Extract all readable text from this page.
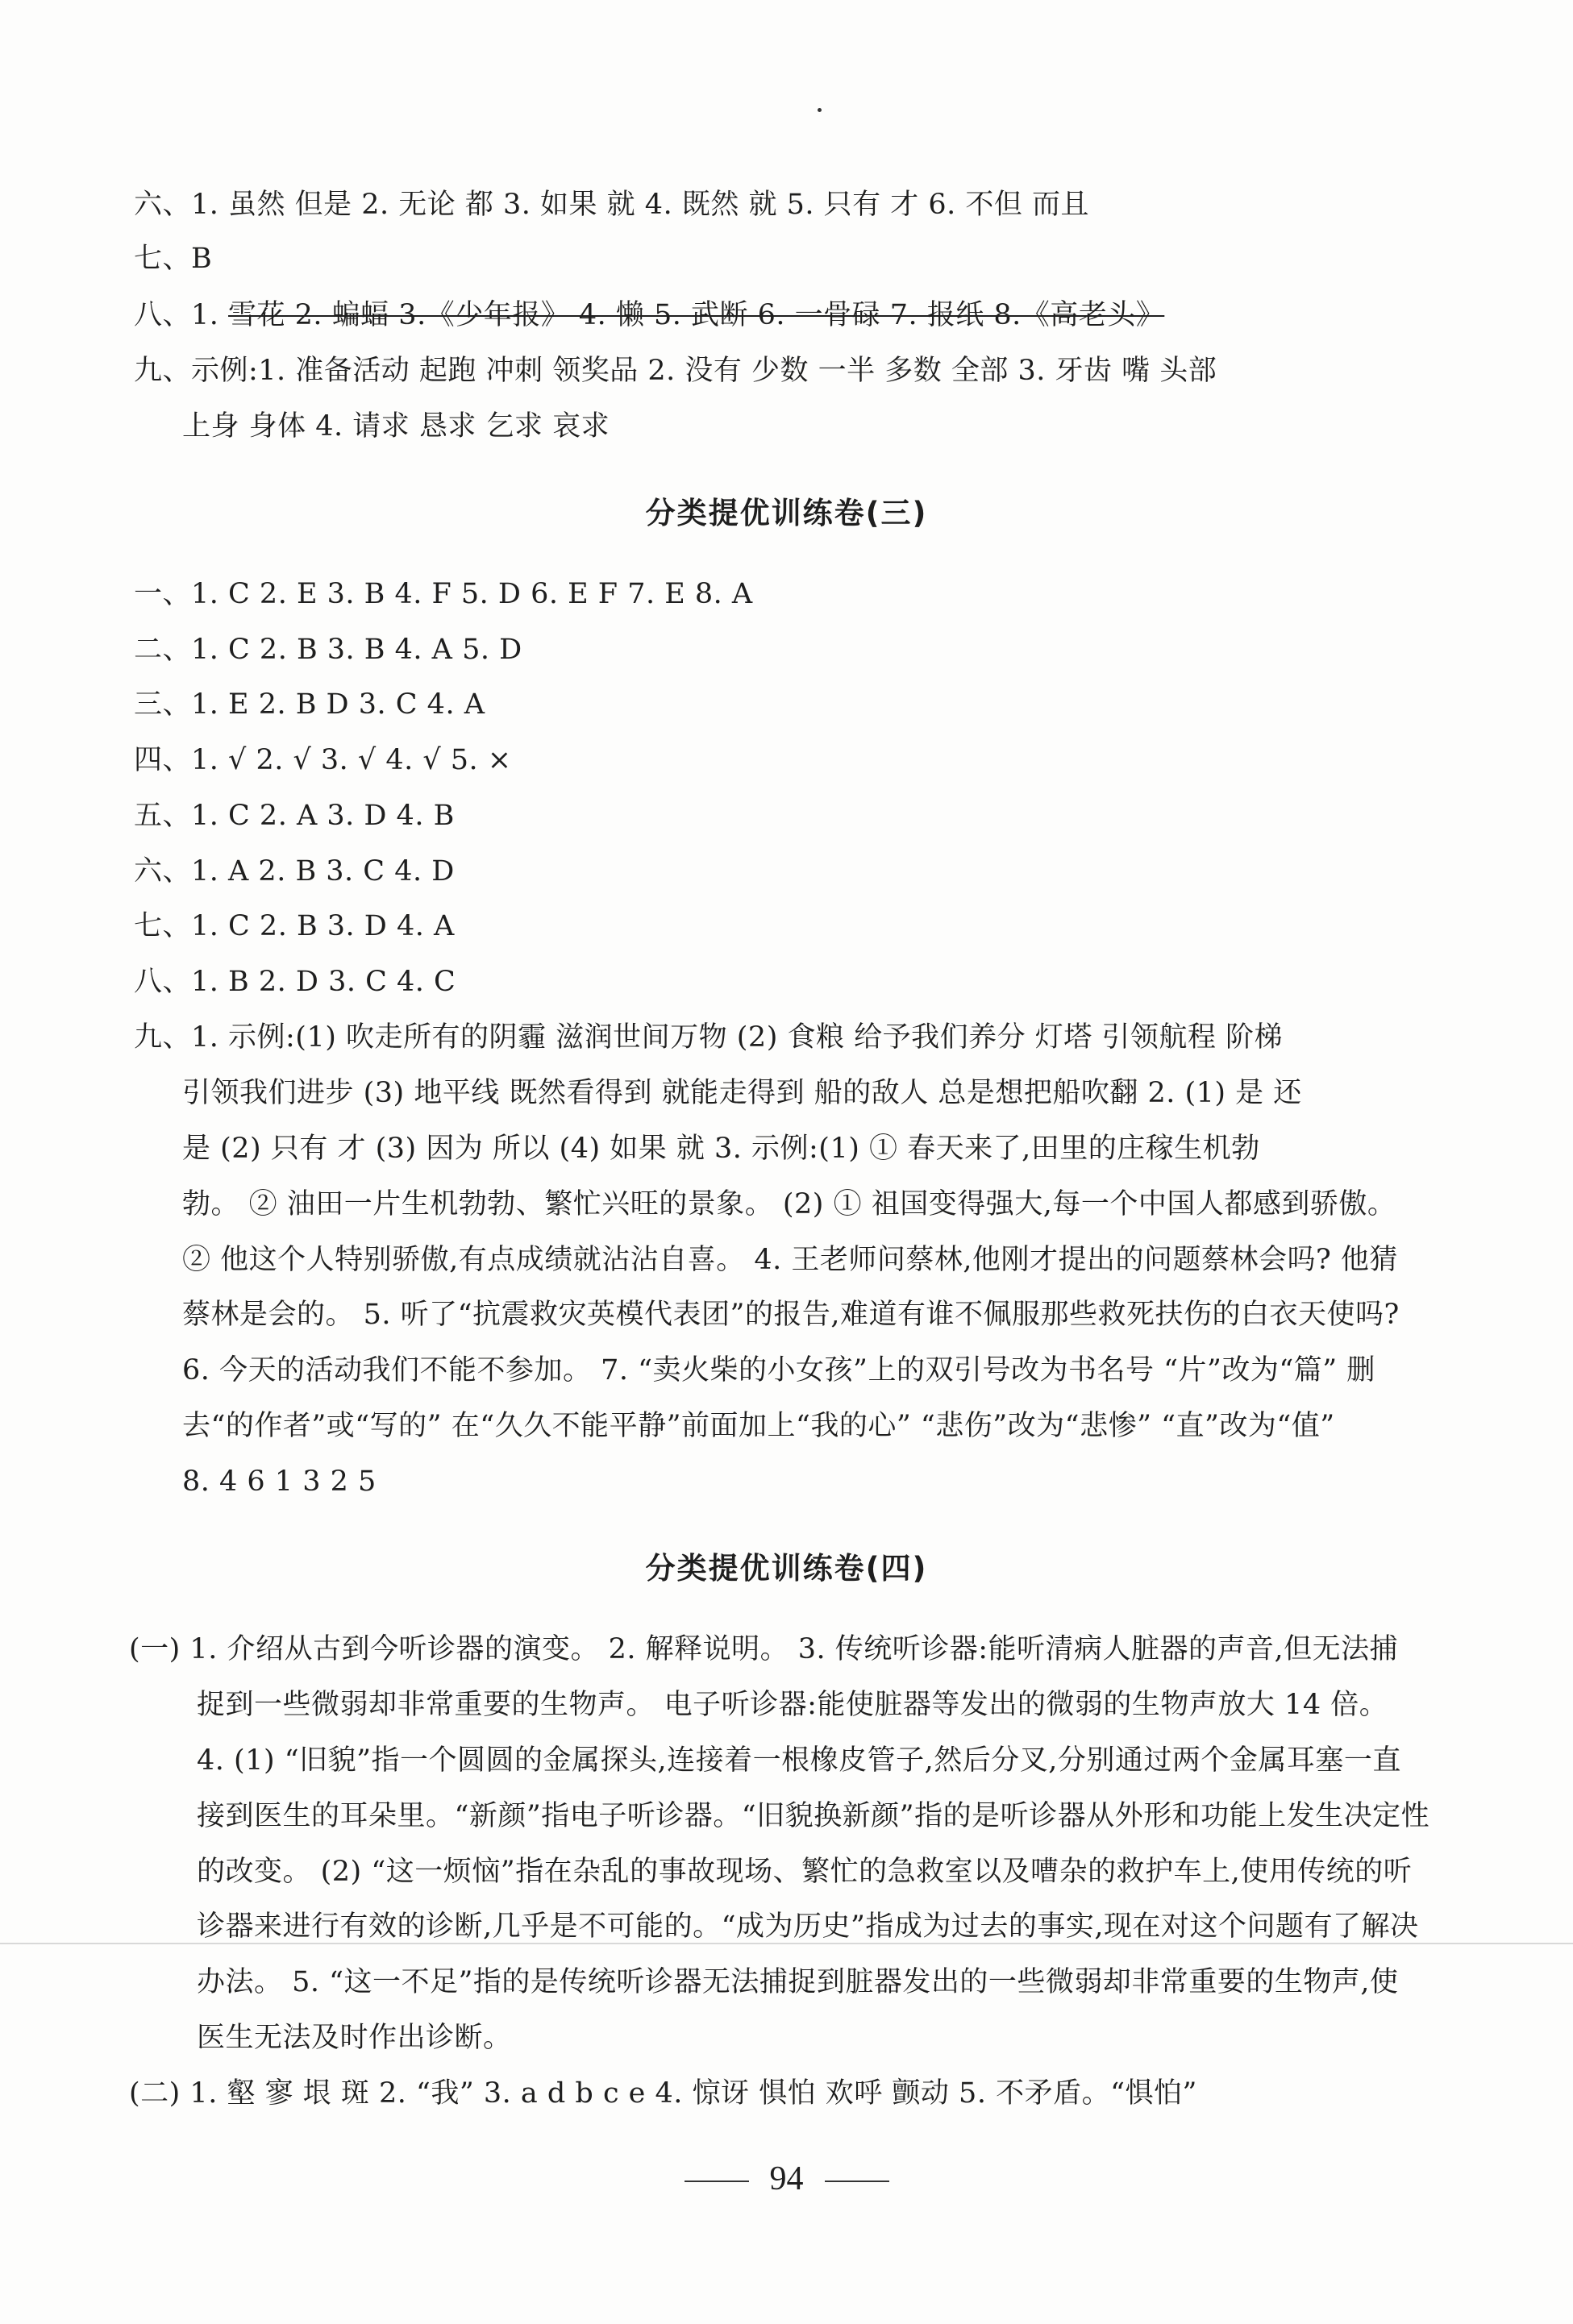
六、1. 虽然 但是 2. 无论 都 3. 如果 就 4. 既然 就 5. 只有 才 6. 不但 而且
七、B
八、1. 雪花 2. 蝙蝠 3.《少年报》 4. 懒 5. 武断 6. 一骨碌 7. 报纸 8.《高老头》
九、示例:1. 准备活动 起跑 冲刺 领奖品 2. 没有 少数 一半 多数 全部 3. 牙齿 嘴 头部
上身 身体 4. 请求 恳求 乞求 哀求
分类提优训练卷(三)
一、1. C 2. E 3. B 4. F 5. D 6. E F 7. E 8. A
二、1. C 2. B 3. B 4. A 5. D
三、1. E 2. B D 3. C 4. A
四、1. √ 2. √ 3. √ 4. √ 5. ×
五、1. C 2. A 3. D 4. B
六、1. A 2. B 3. C 4. D
七、1. C 2. B 3. D 4. A
八、1. B 2. D 3. C 4. C
九、1. 示例:(1) 吹走所有的阴霾 滋润世间万物 (2) 食粮 给予我们养分 灯塔 引领航程 阶梯
引领我们进步 (3) 地平线 既然看得到 就能走得到 船的敌人 总是想把船吹翻 2. (1) 是 还
是 (2) 只有 才 (3) 因为 所以 (4) 如果 就 3. 示例:(1) ① 春天来了,田里的庄稼生机勃
勃。 ② 油田一片生机勃勃、繁忙兴旺的景象。 (2) ① 祖国变得强大,每一个中国人都感到骄傲。
② 他这个人特别骄傲,有点成绩就沾沾自喜。 4. 王老师问蔡林,他刚才提出的问题蔡林会吗? 他猜
蔡林是会的。 5. 听了“抗震救灾英模代表团”的报告,难道有谁不佩服那些救死扶伤的白衣天使吗?
6. 今天的活动我们不能不参加。 7. “卖火柴的小女孩”上的双引号改为书名号 “片”改为“篇” 删
去“的作者”或“写的” 在“久久不能平静”前面加上“我的心” “悲伤”改为“悲惨” “直”改为“值”
8. 4 6 1 3 2 5
分类提优训练卷(四)
(一) 1. 介绍从古到今听诊器的演变。 2. 解释说明。 3. 传统听诊器:能听清病人脏器的声音,但无法捕
捉到一些微弱却非常重要的生物声。 电子听诊器:能使脏器等发出的微弱的生物声放大 14 倍。
4. (1) “旧貌”指一个圆圆的金属探头,连接着一根橡皮管子,然后分叉,分别通过两个金属耳塞一直
接到医生的耳朵里。“新颜”指电子听诊器。“旧貌换新颜”指的是听诊器从外形和功能上发生决定性
的改变。 (2) “这一烦恼”指在杂乱的事故现场、繁忙的急救室以及嘈杂的救护车上,使用传统的听
诊器来进行有效的诊断,几乎是不可能的。“成为历史”指成为过去的事实,现在对这个问题有了解决
办法。 5. “这一不足”指的是传统听诊器无法捕捉到脏器发出的一些微弱却非常重要的生物声,使
医生无法及时作出诊断。
(二) 1. 壑 寥 垠 斑 2. “我” 3. a d b c e 4. 惊讶 惧怕 欢呼 颤动 5. 不矛盾。“惧怕”
94
